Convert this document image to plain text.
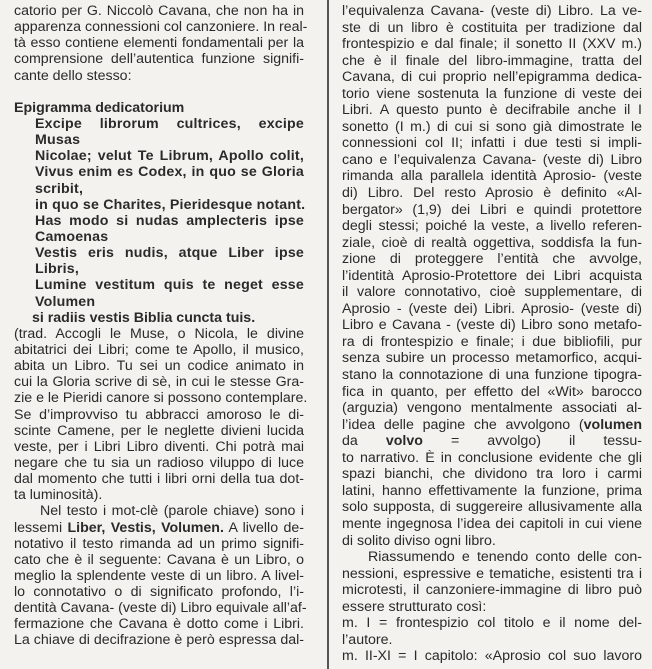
catorio per G. Niccolò Cavana, che non ha in
apparenza connessioni col canzoniere. In real-
tà esso contiene elementi fondamentali per la
comprensione dell’autentica funzione signifi-
cante dello stesso:

Epigramma dedicatorium
Excipe librorum cultrices, excipe
Musas
Nicolae; velut Te Librum, Apollo colit,
Vivus enim es Codex, in quo se Gloria
scribit,
in quo se Charites, Pieridesque notant.
Has modo si nudas amplecteris ipse
Camoenas
Vestis eris nudis, atque Liber ipse
Libris,
Lumine vestitum quis te neget esse
Volumen
si radiis vestis Biblia cuncta tuis.
(trad. Accogli le Muse, o Nicola, le divine
abitatrici dei Libri; come te Apollo, il musico,
abita un Libro. Tu sei un codice animato in
cui la Gloria scrive di sè, in cui le stesse Gra-
zie e le Pieridi canore si possono contemplare.
Se d’improvviso tu abbracci amoroso le di-
scinte Camene, per le neglette divieni lucida
veste, per i Libri Libro diventi. Chi potrà mai
negare che tu sia un radioso viluppo di luce
dal momento che tutti i libri orni della tua dot-
ta luminosità).
Nel testo i mot-clè (parole chiave) sono i
lessemi Liber, Vestis, Volumen. A livello de-
notativo il testo rimanda ad un primo signifi-
cato che è il seguente: Cavana è un Libro, o
meglio la splendente veste di un libro. A livel-
lo connotativo o di significato profondo, l’i-
dentità Cavana- (veste di) Libro equivale all’af-
fermazione che Cavana è dotto come i Libri.
La chiave di decifrazione è però espressa dal-
l’equivalenza Cavana- (veste di) Libro. La ve-
ste di un libro è costituita per tradizione dal
frontespizio e dal finale; il sonetto II (XXV m.)
che è il finale del libro-immagine, tratta del
Cavana, di cui proprio nell’epigramma dedica-
torio viene sostenuta la funzione di veste dei
Libri. A questo punto è decifrabile anche il I
sonetto (I m.) di cui si sono già dimostrate le
connessioni col II; infatti i due testi si impli-
cano e l’equivalenza Cavana- (veste di) Libro
rimanda alla parallela identità Aprosio- (veste
di) Libro. Del resto Aprosio è definito «Al-
bergator» (1,9) dei Libri e quindi protettore
degli stessi; poiché la veste, a livello referen-
ziale, cioè di realtà oggettiva, soddisfa la fun-
zione di proteggere l’entità che avvolge,
l’identità Aprosio-Protettore dei Libri acquista
il valore connotativo, cioè supplementare, di
Aprosio - (veste dei) Libri. Aprosio- (veste di)
Libro e Cavana - (veste di) Libro sono metafo-
ra di frontespizio e finale; i due bibliofili, pur
senza subire un processo metamorfico, acqui-
stano la connotazione di una funzione tipogra-
fica in quanto, per effetto del «Wit» barocco
(arguzia) vengono mentalmente associati al-
l’idea delle pagine che avvolgono (volumen
da volvo = avvolgo) il tessu-
to narrativo. È in conclusione evidente che gli
spazi bianchi, che dividono tra loro i carmi
latini, hanno effettivamente la funzione, prima
solo supposta, di suggereire allusivamente alla
mente ingegnosa l’idea dei capitoli in cui viene
di solito diviso ogni libro.
Riassumendo e tenendo conto delle con-
nessioni, espressive e tematiche, esistenti tra i
microtesti, il canzoniere-immagine di libro può
essere strutturato così:
m. I = frontespizio col titolo e il nome del-
l’autore.
m. II-XI = I capitolo: «Aprosio col suo lavoro
